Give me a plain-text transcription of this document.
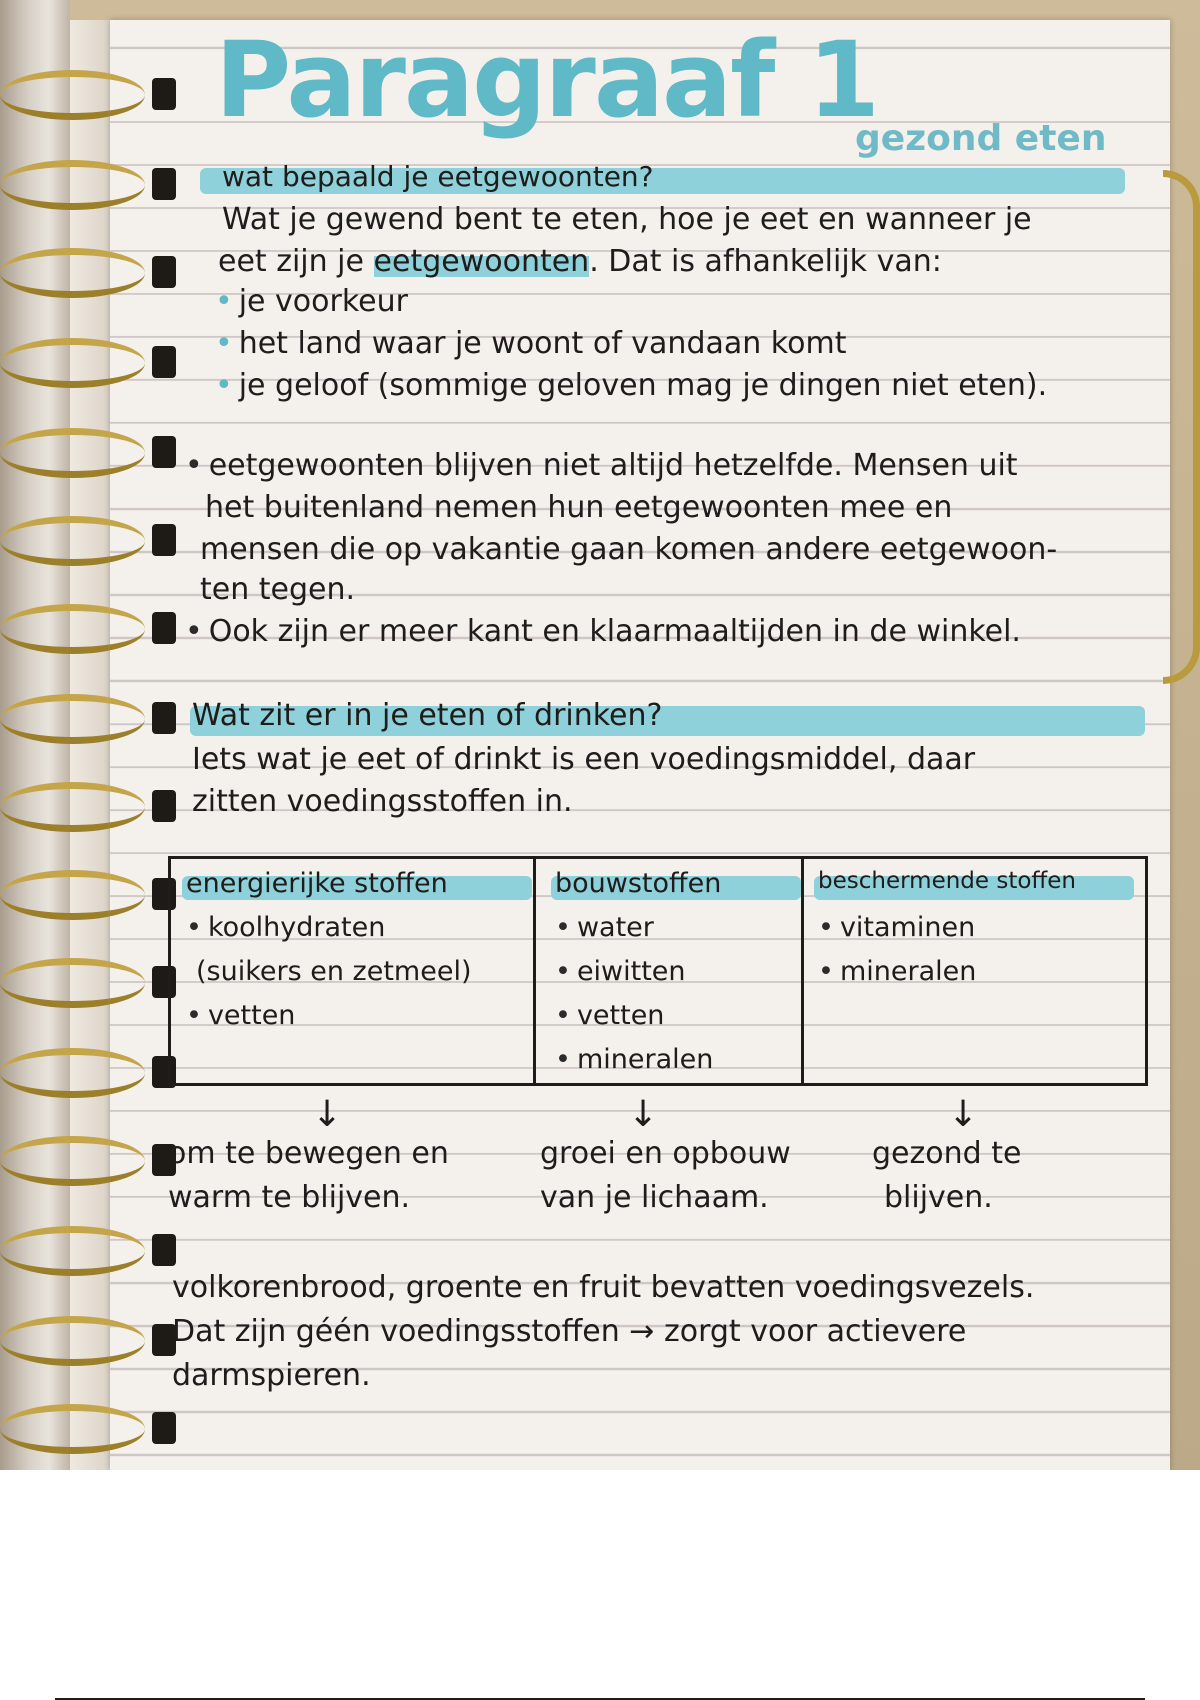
Paragraaf 1
gezond eten
wat bepaald je eetgewoonten?
Wat je gewend bent te eten, hoe je eet en wanneer je
eet zijn je eetgewoonten. Dat is afhankelijk van:
• je voorkeur
• het land waar je woont of vandaan komt
• je geloof (sommige geloven mag je dingen niet eten).
• eetgewoonten blijven niet altijd hetzelfde. Mensen uit
het buitenland nemen hun eetgewoonten mee en
mensen die op vakantie gaan komen andere eetgewoon-
ten tegen.
• Ook zijn er meer kant en klaarmaaltijden in de winkel.
Wat zit er in je eten of drinken?
Iets wat je eet of drinkt is een voedingsmiddel, daar
zitten voedingsstoffen in.
energierijke stoffen
• koolhydraten
(suikers en zetmeel)
• vetten
bouwstoffen
• water
• eiwitten
• vetten
• mineralen
beschermende stoffen
• vitaminen
• mineralen
↓
om te bewegen en
warm te blijven.
↓
groei en opbouw
van je lichaam.
↓
gezond te
blijven.
volkorenbrood, groente en fruit bevatten voedingsvezels.
Dat zijn géén voedingsstoffen → zorgt voor actievere
darmspieren.
